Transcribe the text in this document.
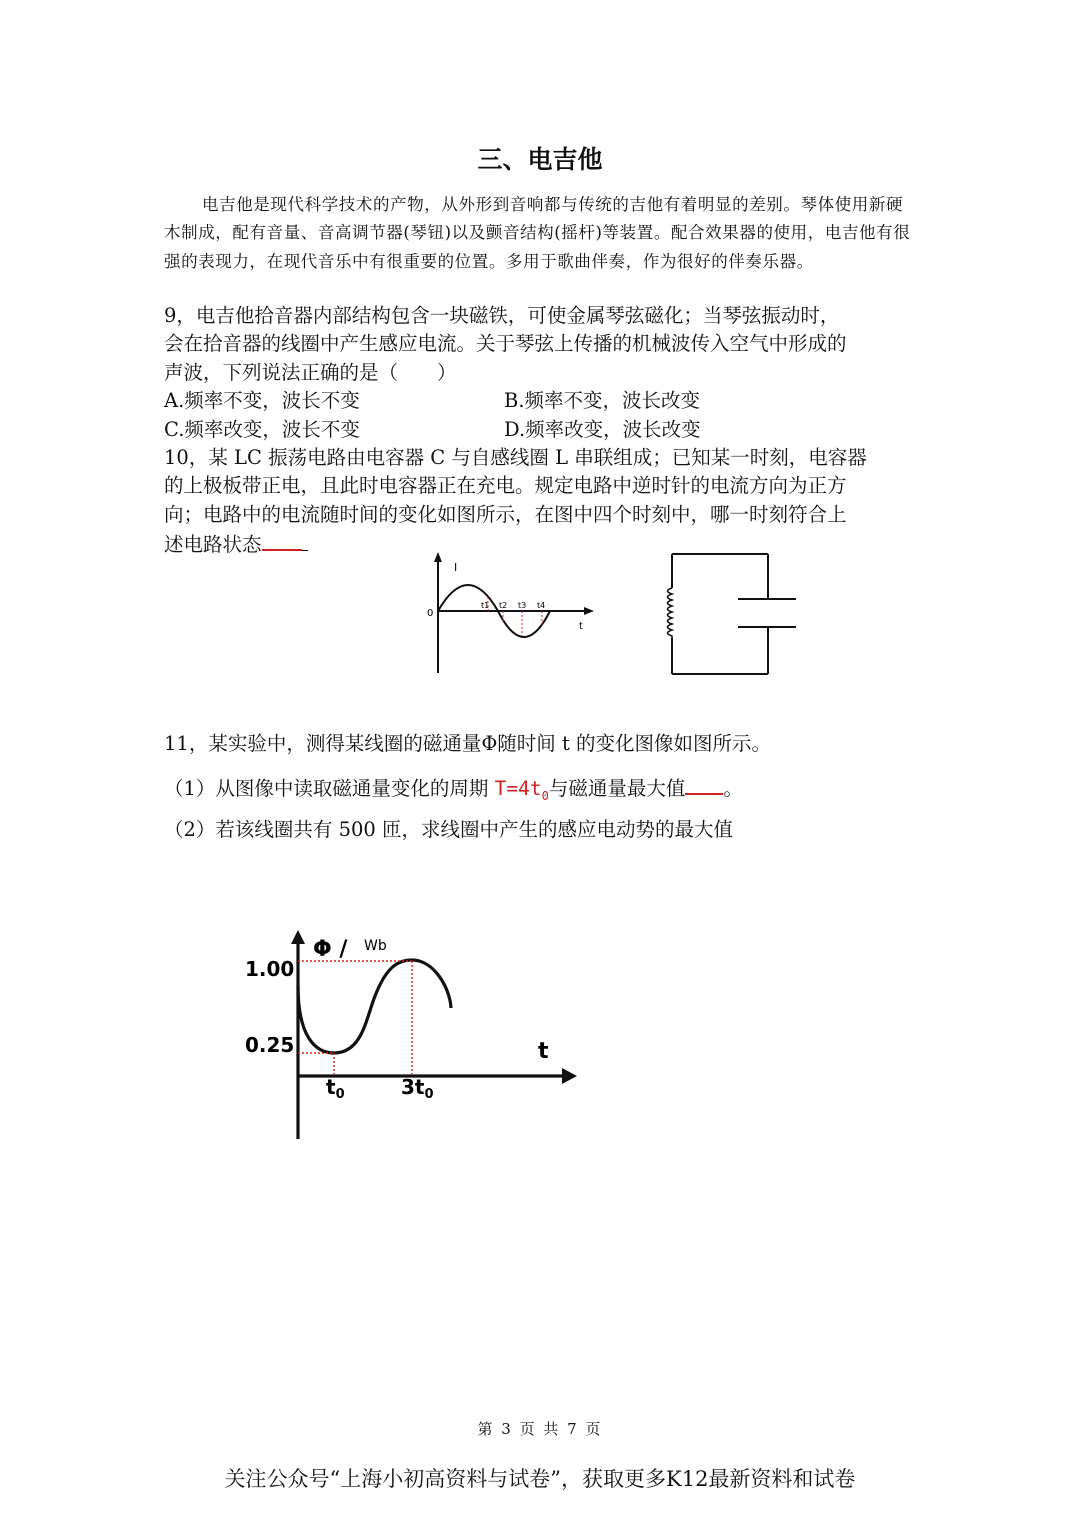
三、电吉他
电吉他是现代科学技术的产物，从外形到音响都与传统的吉他有着明显的差别。琴体使用新硬木制成，配有音量、音高调节器(琴钮)以及颤音结构(摇杆)等装置。配合效果器的使用，电吉他有很强的表现力，在现代音乐中有很重要的位置。多用于歌曲伴奏，作为很好的伴奏乐器。
9，电吉他拾音器内部结构包含一块磁铁，可使金属琴弦磁化；当琴弦振动时，
会在拾音器的线圈中产生感应电流。关于琴弦上传播的机械波传入空气中形成的
声波，下列说法正确的是（　　）
A.频率不变，波长不变	B.频率不变，波长改变
C.频率改变，波长不变	D.频率改变，波长改变
10，某 LC 振荡电路由电容器 C 与自感线圈 L 串联组成；已知某一时刻，电容器
的上极板带正电，且此时电容器正在充电。规定电路中逆时针的电流方向为正方
向；电路中的电流随时间的变化如图所示，在图中四个时刻中，哪一时刻符合上
述电路状态
I
0
t
t1 t2 t3 t4
11，某实验中，测得某线圈的磁通量Φ随时间 t 的变化图像如图所示。
（1）从图像中读取磁通量变化的周期 $T=4t_0$与磁通量最大值 。
（2）若该线圈共有 500 匝，求线圈中产生的感应电动势的最大值
Φ / Wb
1.00
0.25	t
$t_0$	$3t_0$
第 3 页 共 7 页
关注公众号“上海小初高资料与试卷”，获取更多K12最新资料和试卷
